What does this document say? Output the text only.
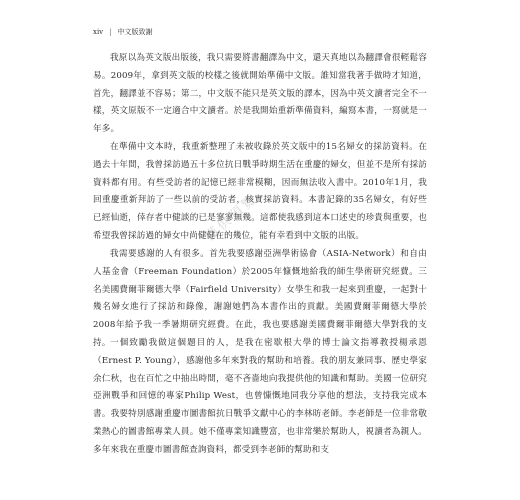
xiv | 中文版致謝

我原以為英文版出版後，我只需要將書翻譯為中文，還天真地以為翻譯會很輕鬆容易。2009年，拿到英文版的校樣之後就開始準備中文版。誰知當我著手做時才知道，首先，翻譯並不容易；第二，中文版不能只是英文版的譯本，因為中英文讀者完全不一樣，英文原版不一定適合中文讀者。於是我開始重新準備資料，編寫本書，一寫就是一年多。

在準備中文本時，我重新整理了未被收錄於英文版中的15名婦女的採訪資料。在過去十年間，我曾採訪過五十多位抗日戰爭時期生活在重慶的婦女，但並不是所有採訪資料都有用。有些受訪者的記憶已經非常模糊，因而無法收入書中。2010年1月，我回重慶重新拜訪了一些以前的受訪者，核實採訪資料。本書記錄的35名婦女，有好些已經仙逝，倖存者中健談的已是寥寥無幾。這都使我感到這本口述史的珍貴與重要，也希望我曾採訪過的婦女中尚健健在的幾位，能有幸看到中文版的出版。

我需要感謝的人有很多。首先我要感謝亞洲學術協會（ASIA-Network）和自由人基金會（Freeman Foundation）於2005年慷慨地給我的師生學術研究經費。三名美國費爾菲爾德大學（Fairfield University）女學生和我一起來到重慶，一起對十幾名婦女進行了採訪和錄像，謝謝她們為本書作出的貢獻。美國費爾菲爾德大學於2008年給予我一季暑期研究經費。在此，我也要感謝美國費爾菲爾德大學對我的支持。 一個致勵我做這個題目的人，是我在密歇根大學的博士論文指導教授楊承恩（Ernest P. Young），感謝他多年來對我的幫助和培養。我的朋友兼同事、歷史學家余仁秋，也在百忙之中抽出時間，毫不吝嗇地向我提供他的知識和幫助。美國一位研究亞洲戰爭和回憶的專家Philip West，也曾慷慨地同我分享他的想法，支持我完成本書。我要特別感謝重慶市圖書館抗日戰爭文獻中心的李林昉老師。李老師是一位非常敬業熱心的圖書館專業人員。她不僅專業知識豐富，也非常樂於幫助人，視讀者為親人。多年來我在重慶市圖書館查詢資料，都受到李老師的幫助和支

僅供預覽
